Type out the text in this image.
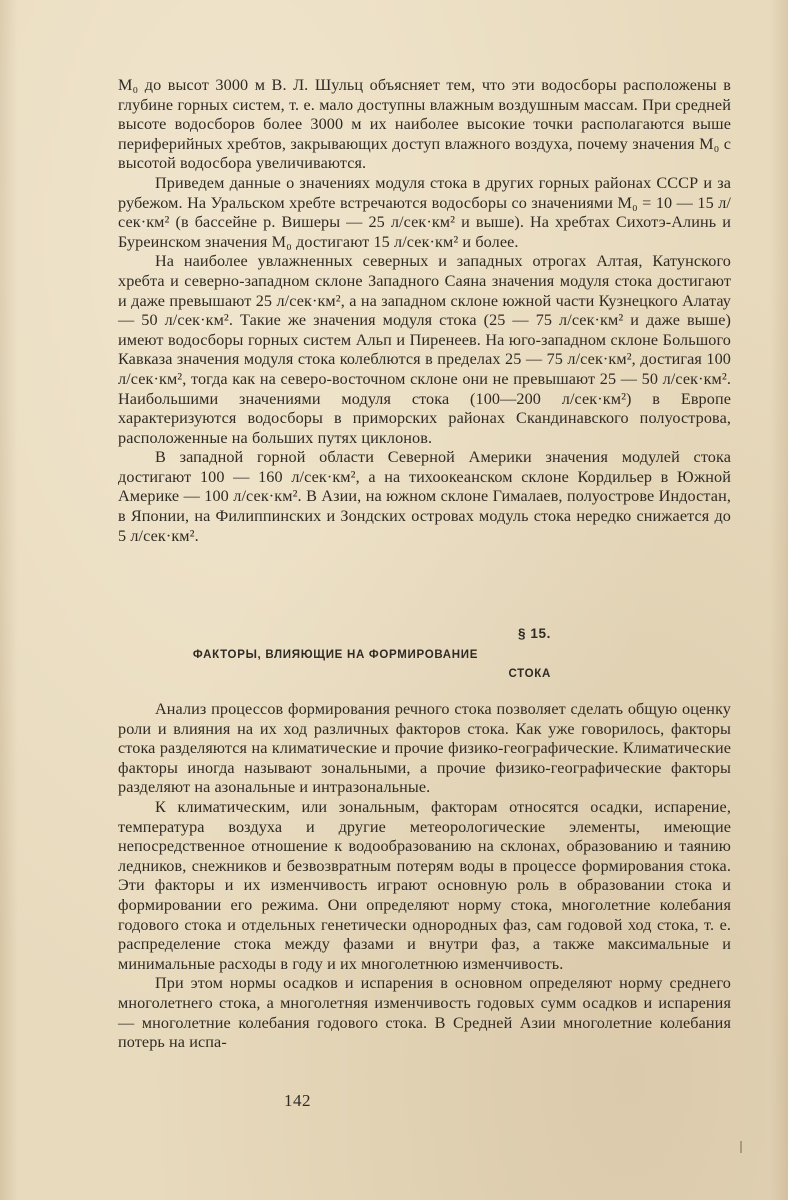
М₀ до высот 3000 м В. Л. Шульц объясняет тем, что эти водосборы расположены в глубине горных систем, т. е. мало доступны влажным воздушным массам. При средней высоте водосборов более 3000 м их наиболее высокие точки располагаются выше периферийных хребтов, закрывающих доступ влажного воздуха, почему значения М₀ с высотой водосбора увеличиваются.

Приведем данные о значениях модуля стока в других горных районах СССР и за рубежом. На Уральском хребте встречаются водосборы со значениями М₀ = 10 — 15 л/сек·км² (в бассейне р. Вишеры — 25 л/сек·км² и выше). На хребтах Сихотэ-Алинь и Буреинском значения М₀ достигают 15 л/сек·км² и более.

На наиболее увлажненных северных и западных отрогах Алтая, Катунского хребта и северно-западном склоне Западного Саяна значения модуля стока достигают и даже превышают 25 л/сек·км², а на западном склоне южной части Кузнецкого Алатау — 50 л/сек·км². Такие же значения модуля стока (25 — 75 л/сек·км² и даже выше) имеют водосборы горных систем Альп и Пиренеев. На юго-западном склоне Большого Кавказа значения модуля стока колеблются в пределах 25 — 75 л/сек·км², достигая 100 л/сек·км², тогда как на северо-восточном склоне они не превышают 25 — 50 л/сек·км². Наибольшими значениями модуля стока (100—200 л/сек·км²) в Европе характеризуются водосборы в приморских районах Скандинавского полуострова, расположенные на больших путях циклонов.

В западной горной области Северной Америки значения модулей стока достигают 100 — 160 л/сек·км², а на тихоокеанском склоне Кордильер в Южной Америке — 100 л/сек·км². В Азии, на южном склоне Гималаев, полуострове Индостан, в Японии, на Филиппинских и Зондских островах модуль стока нередко снижается до 5 л/сек·км².

§ 15.
ФАКТОРЫ, ВЛИЯЮЩИЕ НА ФОРМИРОВАНИЕ
СТОКА

Анализ процессов формирования речного стока позволяет сделать общую оценку роли и влияния на их ход различных факторов стока. Как уже говорилось, факторы стока разделяются на климатические и прочие физико-географические. Климатические факторы иногда называют зональными, а прочие физико-географические факторы разделяют на азональные и интразональные.

К климатическим, или зональным, факторам относятся осадки, испарение, температура воздуха и другие метеорологические элементы, имеющие непосредственное отношение к водообразованию на склонах, образованию и таянию ледников, снежников и безвозвратным потерям воды в процессе формирования стока. Эти факторы и их изменчивость играют основную роль в образовании стока и формировании его режима. Они определяют норму стока, многолетние колебания годового стока и отдельных генетически однородных фаз, сам годовой ход стока, т. е. распределение стока между фазами и внутри фаз, а также максимальные и минимальные расходы в году и их многолетнюю изменчивость.

При этом нормы осадков и испарения в основном определяют норму среднего многолетнего стока, а многолетняя изменчивость годовых сумм осадков и испарения — многолетние колебания годового стока. В Средней Азии многолетние колебания потерь на испа-

142
